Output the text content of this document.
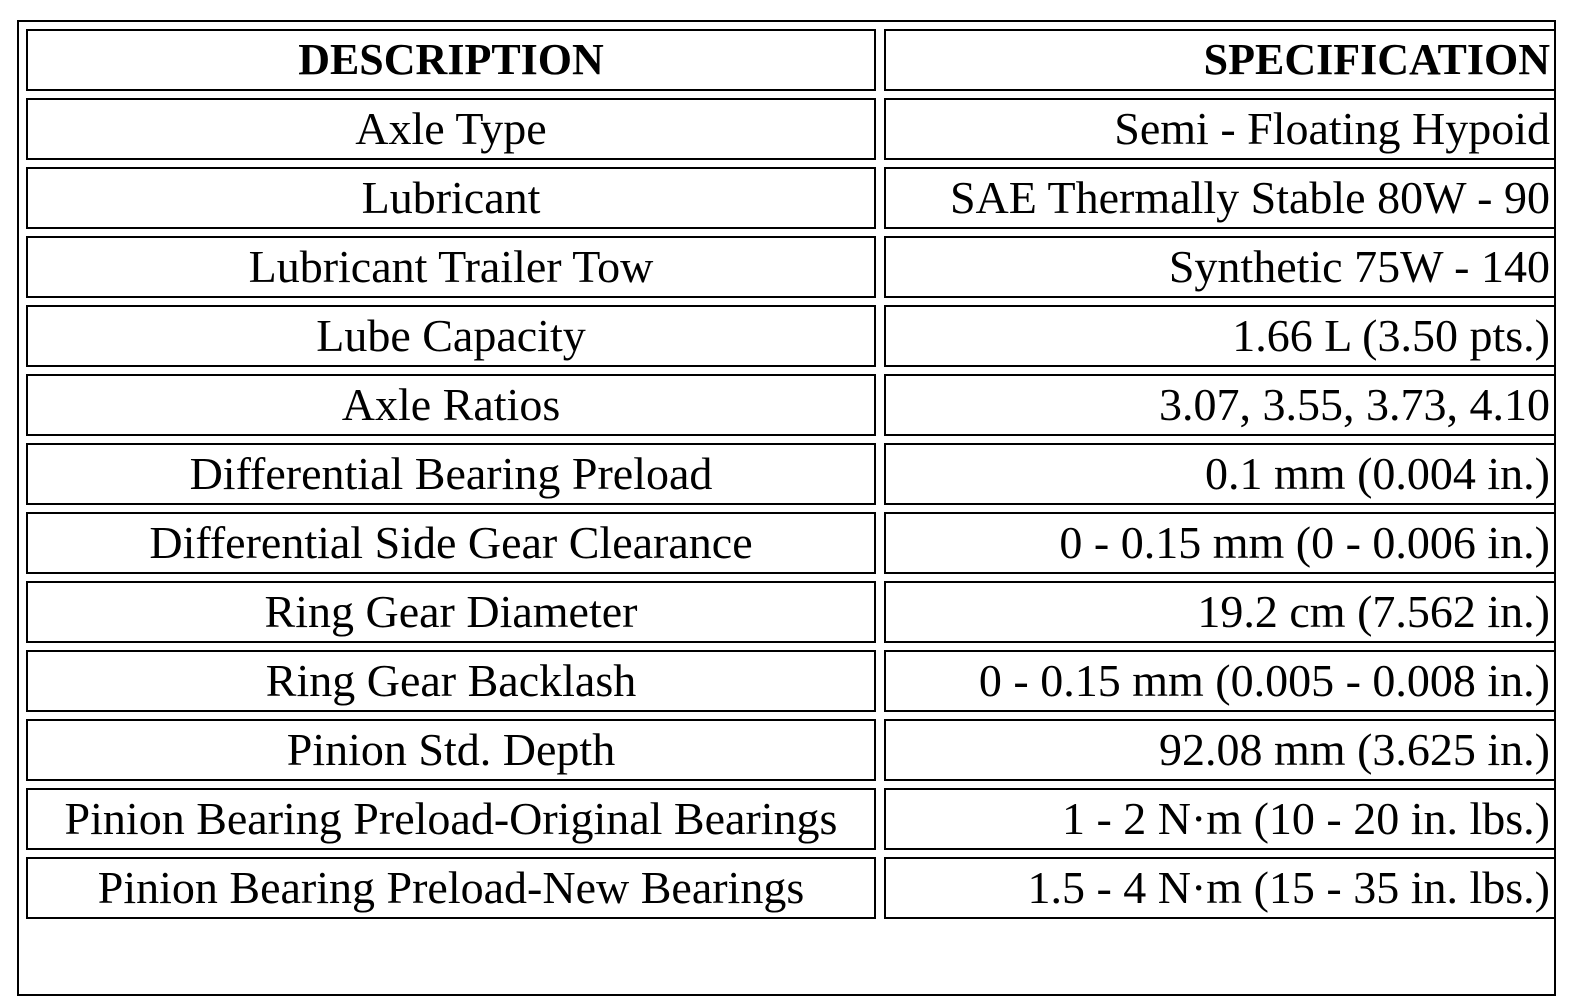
DESCRIPTION		SPECIFICATION
Axle Type		Semi - Floating Hypoid
Lubricant		SAE Thermally Stable 80W - 90
Lubricant Trailer Tow		Synthetic 75W - 140
Lube Capacity		1.66 L (3.50 pts.)
Axle Ratios		3.07, 3.55, 3.73, 4.10
Differential Bearing Preload		0.1 mm (0.004 in.)
Differential Side Gear Clearance		0 - 0.15 mm (0 - 0.006 in.)
Ring Gear Diameter		19.2 cm (7.562 in.)
Ring Gear Backlash		0 - 0.15 mm (0.005 - 0.008 in.)
Pinion Std. Depth		92.08 mm (3.625 in.)
Pinion Bearing Preload-Original Bearings		1 - 2 N·m (10 - 20 in. lbs.)
Pinion Bearing Preload-New Bearings		1.5 - 4 N·m (15 - 35 in. lbs.)
